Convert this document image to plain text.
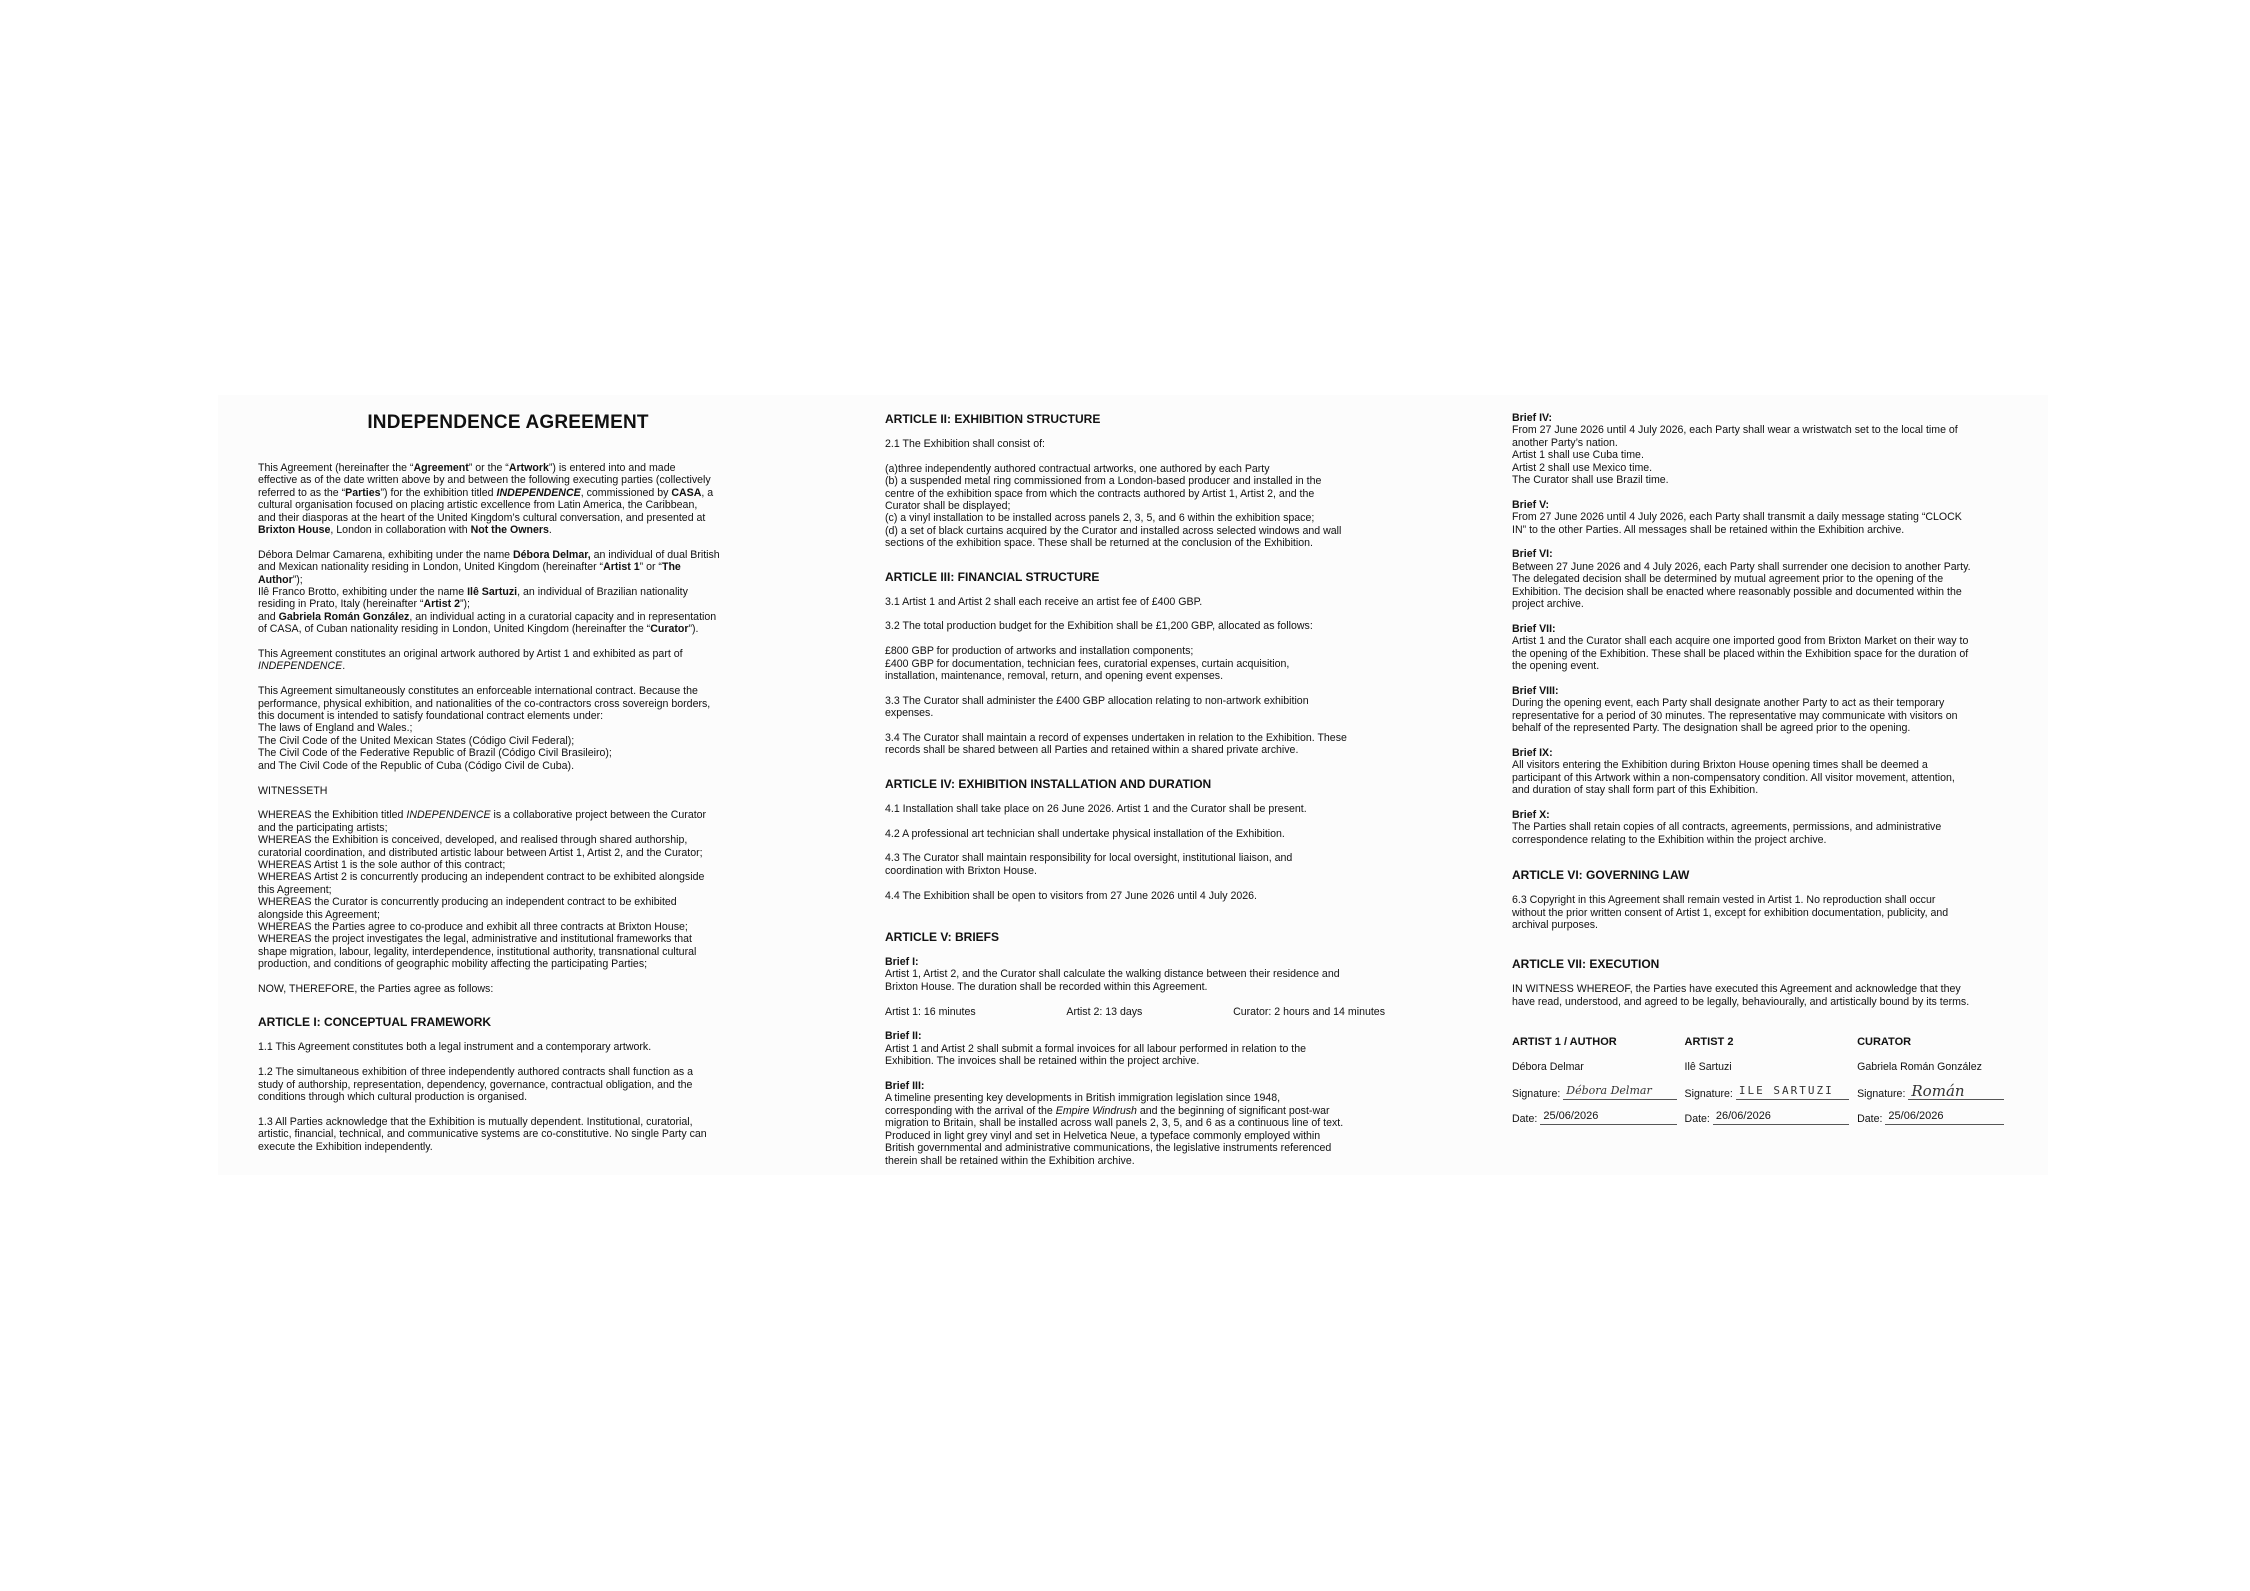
INDEPENDENCE AGREEMENT

This Agreement (hereinafter the “Agreement” or the “Artwork”) is entered into and made
effective as of the date written above by and between the following executing parties (collectively
referred to as the “Parties”) for the exhibition titled INDEPENDENCE, commissioned by CASA, a
cultural organisation focused on placing artistic excellence from Latin America, the Caribbean,
and their diasporas at the heart of the United Kingdom’s cultural conversation, and presented at
Brixton House, London in collaboration with Not the Owners.

Débora Delmar Camarena, exhibiting under the name Débora Delmar, an individual of dual British
and Mexican nationality residing in London, United Kingdom (hereinafter “Artist 1” or “The
Author”);
Ilê Franco Brotto, exhibiting under the name Ilê Sartuzi, an individual of Brazilian nationality
residing in Prato, Italy (hereinafter “Artist 2”);
and Gabriela Román González, an individual acting in a curatorial capacity and in representation
of CASA, of Cuban nationality residing in London, United Kingdom (hereinafter the “Curator”).

This Agreement constitutes an original artwork authored by Artist 1 and exhibited as part of
INDEPENDENCE.

This Agreement simultaneously constitutes an enforceable international contract. Because the
performance, physical exhibition, and nationalities of the co-contractors cross sovereign borders,
this document is intended to satisfy foundational contract elements under:
The laws of England and Wales.;
The Civil Code of the United Mexican States (Código Civil Federal);
The Civil Code of the Federative Republic of Brazil (Código Civil Brasileiro);
and The Civil Code of the Republic of Cuba (Código Civil de Cuba).

WITNESSETH

WHEREAS the Exhibition titled INDEPENDENCE is a collaborative project between the Curator
and the participating artists;
WHEREAS the Exhibition is conceived, developed, and realised through shared authorship,
curatorial coordination, and distributed artistic labour between Artist 1, Artist 2, and the Curator;
WHEREAS Artist 1 is the sole author of this contract;
WHEREAS Artist 2 is concurrently producing an independent contract to be exhibited alongside
this Agreement;
WHEREAS the Curator is concurrently producing an independent contract to be exhibited
alongside this Agreement;
WHEREAS the Parties agree to co-produce and exhibit all three contracts at Brixton House;
WHEREAS the project investigates the legal, administrative and institutional frameworks that
shape migration, labour, legality, interdependence, institutional authority, transnational cultural
production, and conditions of geographic mobility affecting the participating Parties;

NOW, THEREFORE, the Parties agree as follows:

ARTICLE I: CONCEPTUAL FRAMEWORK

1.1 This Agreement constitutes both a legal instrument and a contemporary artwork.

1.2 The simultaneous exhibition of three independently authored contracts shall function as a
study of authorship, representation, dependency, governance, contractual obligation, and the
conditions through which cultural production is organised.

1.3 All Parties acknowledge that the Exhibition is mutually dependent. Institutional, curatorial,
artistic, financial, technical, and communicative systems are co-constitutive. No single Party can
execute the Exhibition independently.

ARTICLE II: EXHIBITION STRUCTURE

2.1 The Exhibition shall consist of:

(a)three independently authored contractual artworks, one authored by each Party
(b) a suspended metal ring commissioned from a London-based producer and installed in the
centre of the exhibition space from which the contracts authored by Artist 1, Artist 2, and the
Curator shall be displayed;
(c) a vinyl installation to be installed across panels 2, 3, 5, and 6 within the exhibition space;
(d) a set of black curtains acquired by the Curator and installed across selected windows and wall
sections of the exhibition space. These shall be returned at the conclusion of the Exhibition.

ARTICLE III: FINANCIAL STRUCTURE

3.1 Artist 1 and Artist 2 shall each receive an artist fee of £400 GBP.

3.2 The total production budget for the Exhibition shall be £1,200 GBP, allocated as follows:

£800 GBP for production of artworks and installation components;
£400 GBP for documentation, technician fees, curatorial expenses, curtain acquisition,
installation, maintenance, removal, return, and opening event expenses.

3.3 The Curator shall administer the £400 GBP allocation relating to non-artwork exhibition
expenses.

3.4 The Curator shall maintain a record of expenses undertaken in relation to the Exhibition. These
records shall be shared between all Parties and retained within a shared private archive.

ARTICLE IV: EXHIBITION INSTALLATION AND DURATION

4.1 Installation shall take place on 26 June 2026. Artist 1 and the Curator shall be present.

4.2 A professional art technician shall undertake physical installation of the Exhibition.

4.3 The Curator shall maintain responsibility for local oversight, institutional liaison, and
coordination with Brixton House.

4.4 The Exhibition shall be open to visitors from 27 June 2026 until 4 July 2026.

ARTICLE V: BRIEFS

Brief I:
Artist 1, Artist 2, and the Curator shall calculate the walking distance between their residence and
Brixton House. The duration shall be recorded within this Agreement.

Artist 1: 16 minutes	Artist 2: 13 days	Curator: 2 hours and 14 minutes

Brief II:
Artist 1 and Artist 2 shall submit a formal invoices for all labour performed in relation to the
Exhibition. The invoices shall be retained within the project archive.

Brief III:
A timeline presenting key developments in British immigration legislation since 1948,
corresponding with the arrival of the Empire Windrush and the beginning of significant post-war
migration to Britain, shall be installed across wall panels 2, 3, 5, and 6 as a continuous line of text.
Produced in light grey vinyl and set in Helvetica Neue, a typeface commonly employed within
British governmental and administrative communications, the legislative instruments referenced
therein shall be retained within the Exhibition archive.

Brief IV:
From 27 June 2026 until 4 July 2026, each Party shall wear a wristwatch set to the local time of
another Party’s nation.
Artist 1 shall use Cuba time.
Artist 2 shall use Mexico time.
The Curator shall use Brazil time.

Brief V:
From 27 June 2026 until 4 July 2026, each Party shall transmit a daily message stating “CLOCK
IN” to the other Parties. All messages shall be retained within the Exhibition archive.

Brief VI:
Between 27 June 2026 and 4 July 2026, each Party shall surrender one decision to another Party.
The delegated decision shall be determined by mutual agreement prior to the opening of the
Exhibition. The decision shall be enacted where reasonably possible and documented within the
project archive.

Brief VII:
Artist 1 and the Curator shall each acquire one imported good from Brixton Market on their way to
the opening of the Exhibition. These shall be placed within the Exhibition space for the duration of
the opening event.

Brief VIII:
During the opening event, each Party shall designate another Party to act as their temporary
representative for a period of 30 minutes. The representative may communicate with visitors on
behalf of the represented Party. The designation shall be agreed prior to the opening.

Brief IX:
All visitors entering the Exhibition during Brixton House opening times shall be deemed a
participant of this Artwork within a non-compensatory condition. All visitor movement, attention,
and duration of stay shall form part of this Exhibition.

Brief X:
The Parties shall retain copies of all contracts, agreements, permissions, and administrative
correspondence relating to the Exhibition within the project archive.

ARTICLE VI: GOVERNING LAW

6.3 Copyright in this Agreement shall remain vested in Artist 1. No reproduction shall occur
without the prior written consent of Artist 1, except for exhibition documentation, publicity, and
archival purposes.

ARTICLE VII: EXECUTION

IN WITNESS WHEREOF, the Parties have executed this Agreement and acknowledge that they
have read, understood, and agreed to be legally, behaviourally, and artistically bound by its terms.

ARTIST 1 / AUTHOR
Débora Delmar
Signature: Débora Delmar
Date: 25/06/2026
ARTIST 2
Ilê Sartuzi
Signature: ILE SARTUZI
Date: 26/06/2026
CURATOR
Gabriela Román González
Signature: Román
Date: 25/06/2026
